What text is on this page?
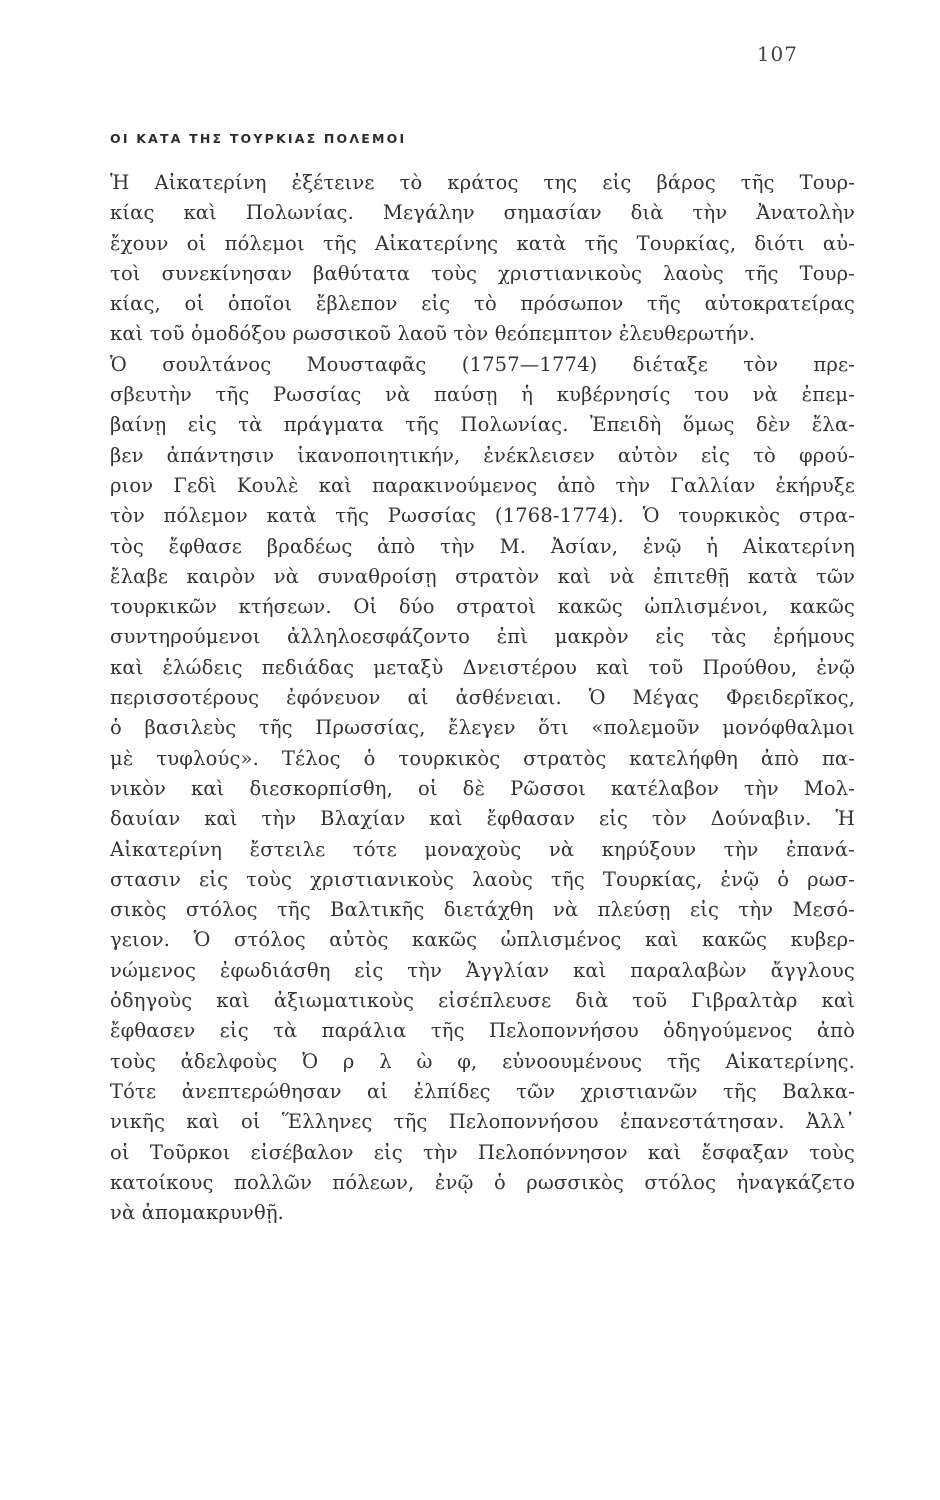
107
ΟΙ ΚΑΤΑ ΤΗΣ ΤΟΥΡΚΙΑΣ ΠΟΛΕΜΟΙ
Ἡ Αἰκατερίνη ἐξέτεινε τὸ κράτος της εἰς βάρος τῆς Τουρ-
κίας καὶ Πολωνίας. Μεγάλην σημασίαν διὰ τὴν Ἀνατολὴν
ἔχουν οἱ πόλεμοι τῆς Αἰκατερίνης κατὰ τῆς Τουρκίας, διότι αὐ-
τοὶ συνεκίνησαν βαθύτατα τοὺς χριστιανικοὺς λαοὺς τῆς Τουρ-
κίας, οἱ ὁποῖοι ἔβλεπον εἰς τὸ πρόσωπον τῆς αὐτοκρατείρας
καὶ τοῦ ὁμοδόξου ρωσσικοῦ λαοῦ τὸν θεόπεμπτον ἐλευθερωτήν.
Ὁ σουλτάνος Μουσταφᾶς (1757—1774) διέταξε τὸν πρε-
σβευτὴν τῆς Ρωσσίας νὰ παύσῃ ἡ κυβέρνησίς του νὰ ἐπεμ-
βαίνῃ εἰς τὰ πράγματα τῆς Πολωνίας. Ἐπειδὴ ὅμως δὲν ἔλα-
βεν ἀπάντησιν ἱκανοποιητικήν, ἐνέκλεισεν αὐτὸν εἰς τὸ φρού-
ριον Γεδὶ Κουλὲ καὶ παρακινούμενος ἀπὸ τὴν Γαλλίαν ἐκήρυξε
τὸν πόλεμον κατὰ τῆς Ρωσσίας (1768-1774). Ὁ τουρκικὸς στρα-
τὸς ἔφθασε βραδέως ἀπὸ τὴν Μ. Ἀσίαν, ἐνῷ ἡ Αἰκατερίνη
ἔλαβε καιρὸν νὰ συναθροίσῃ στρατὸν καὶ νὰ ἐπιτεθῇ κατὰ τῶν
τουρκικῶν κτήσεων. Οἱ δύο στρατοὶ κακῶς ὡπλισμένοι, κακῶς
συντηρούμενοι ἀλληλοεσφάζοντο ἐπὶ μακρὸν εἰς τὰς ἐρήμους
καὶ ἑλώδεις πεδιάδας μεταξὺ Δνειστέρου καὶ τοῦ Προύθου, ἐνῷ
περισσοτέρους ἐφόνευον αἱ ἀσθένειαι. Ὁ Μέγας Φρειδερῖκος,
ὁ βασιλεὺς τῆς Πρωσσίας, ἔλεγεν ὅτι «πολεμοῦν μονόφθαλμοι
μὲ τυφλούς». Τέλος ὁ τουρκικὸς στρατὸς κατελήφθη ἀπὸ πα-
νικὸν καὶ διεσκορπίσθη, οἱ δὲ Ρῶσσοι κατέλαβον τὴν Μολ-
δαυίαν καὶ τὴν Βλαχίαν καὶ ἔφθασαν εἰς τὸν Δούναβιν. Ἡ
Αἰκατερίνη ἔστειλε τότε μοναχοὺς νὰ κηρύξουν τὴν ἐπανά-
στασιν εἰς τοὺς χριστιανικοὺς λαοὺς τῆς Τουρκίας, ἐνῷ ὁ ρωσ-
σικὸς στόλος τῆς Βαλτικῆς διετάχθη νὰ πλεύσῃ εἰς τὴν Μεσό-
γειον. Ὁ στόλος αὐτὸς κακῶς ὡπλισμένος καὶ κακῶς κυβερ-
νώμενος ἐφωδιάσθη εἰς τὴν Ἀγγλίαν καὶ παραλαβὼν ἄγγλους
ὁδηγοὺς καὶ ἀξιωματικοὺς εἰσέπλευσε διὰ τοῦ Γιβραλτὰρ καὶ
ἔφθασεν εἰς τὰ παράλια τῆς Πελοποννήσου ὁδηγούμενος ἀπὸ
τοὺς ἀδελφοὺς Ὀ ρ λ ὼ φ, εὐνοουμένους τῆς Αἰκατερίνης.
Τότε ἀνεπτερώθησαν αἱ ἐλπίδες τῶν χριστιανῶν τῆς Βαλκα-
νικῆς καὶ οἱ Ἕλληνες τῆς Πελοποννήσου ἐπανεστάτησαν. Ἀλλ᾽
οἱ Τοῦρκοι εἰσέβαλον εἰς τὴν Πελοπόννησον καὶ ἔσφαξαν τοὺς
κατοίκους πολλῶν πόλεων, ἐνῷ ὁ ρωσσικὸς στόλος ἠναγκάζετο
νὰ ἀπομακρυνθῇ.
